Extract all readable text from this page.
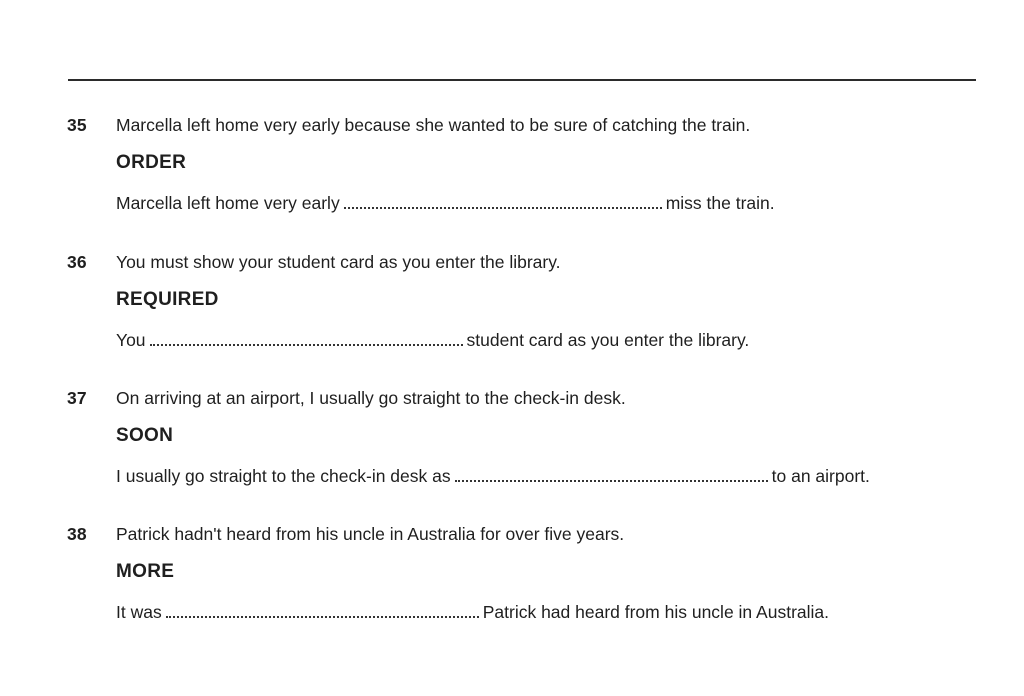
35 Marcella left home very early because she wanted to be sure of catching the train.
ORDER
Marcella left home very early	miss the train.
36 You must show your student card as you enter the library.
REQUIRED
You	student card as you enter the library.
37 On arriving at an airport, I usually go straight to the check-in desk.
SOON
I usually go straight to the check-in desk as	to an airport.
38 Patrick hadn't heard from his uncle in Australia for over five years.
MORE
It was	Patrick had heard from his uncle in Australia.
